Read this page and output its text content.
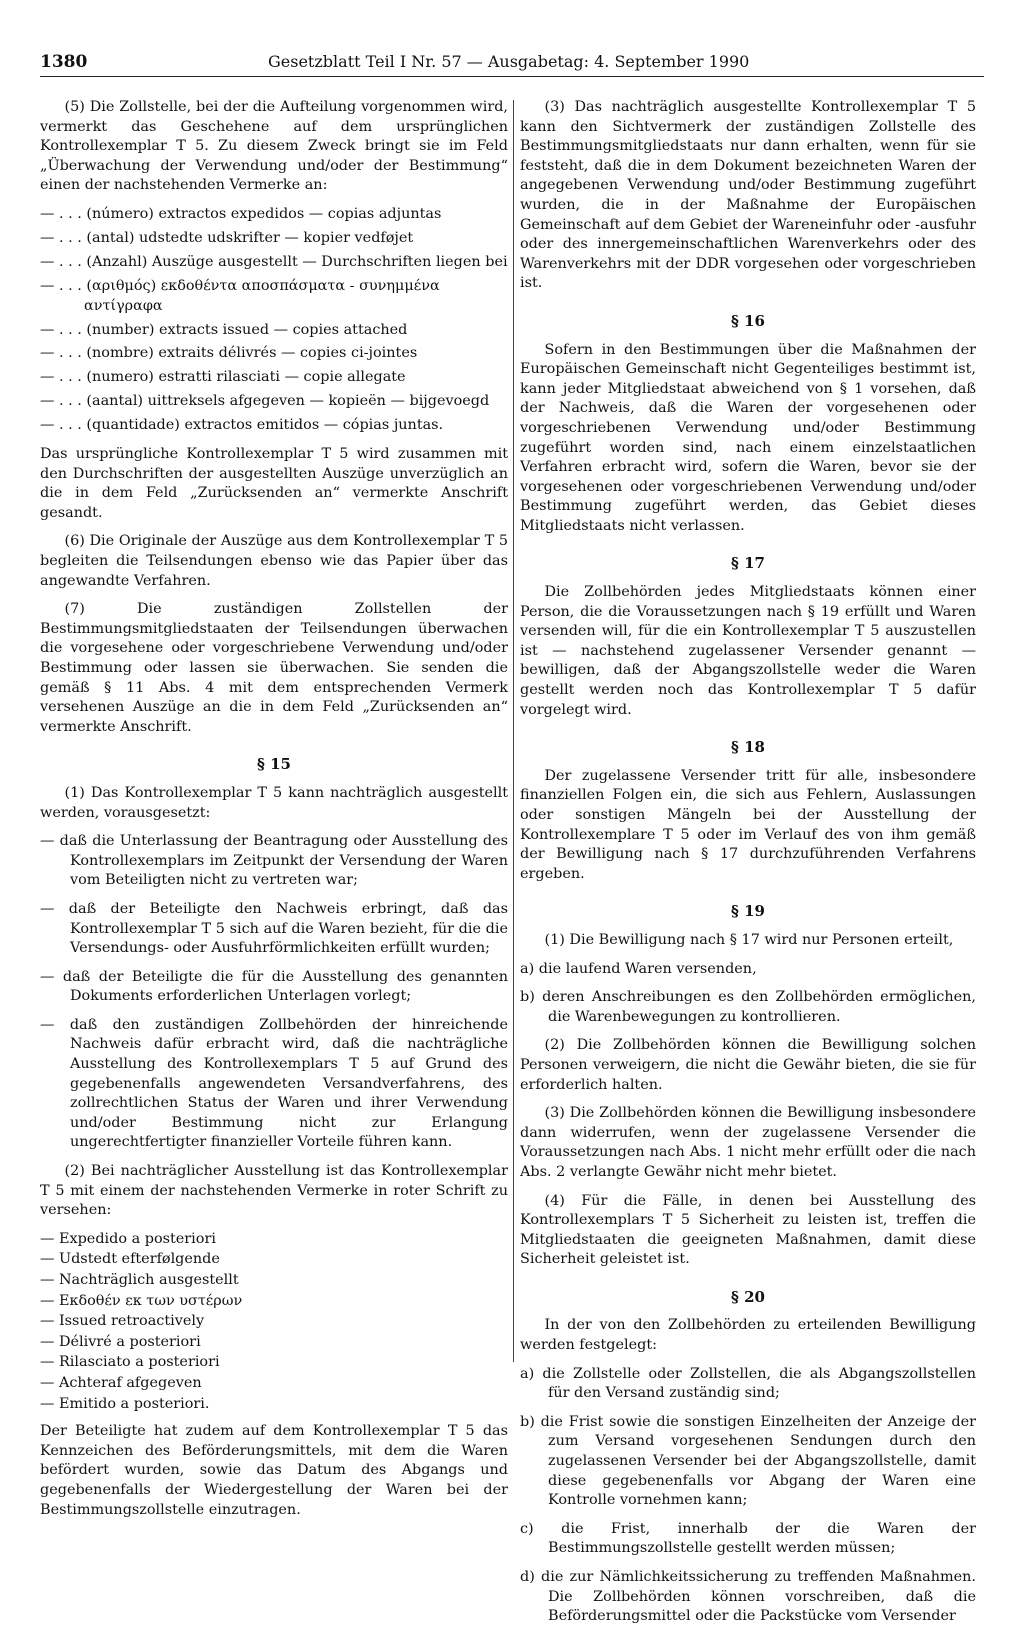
1380	Gesetzblatt Teil I Nr. 57 — Ausgabetag: 4. September 1990

(5) Die Zollstelle, bei der die Aufteilung vorgenommen wird, vermerkt das Geschehene auf dem ursprünglichen Kontrollexemplar T 5. Zu diesem Zweck bringt sie im Feld „Überwachung der Verwendung und/oder der Bestimmung“ einen der nachstehenden Vermerke an:

— . . . (número) extractos expedidos — copias adjuntas
— . . . (antal) udstedte udskrifter — kopier vedføjet
— . . . (Anzahl) Auszüge ausgestellt — Durchschriften liegen bei
— . . . (αριθμός) εκδοθέντα αποσπάσματα - συνημμένα αντίγραφα
— . . . (number) extracts issued — copies attached
— . . . (nombre) extraits délivrés — copies ci-jointes
— . . . (numero) estratti rilasciati — copie allegate
— . . . (aantal) uittreksels afgegeven — kopieën — bijgevoegd
— . . . (quantidade) extractos emitidos — cópias juntas.

Das ursprüngliche Kontrollexemplar T 5 wird zusammen mit den Durchschriften der ausgestellten Auszüge unverzüglich an die in dem Feld „Zurücksenden an“ vermerkte Anschrift gesandt.

(6) Die Originale der Auszüge aus dem Kontrollexemplar T 5 begleiten die Teilsendungen ebenso wie das Papier über das angewandte Verfahren.

(7) Die zuständigen Zollstellen der Bestimmungsmitgliedstaaten der Teilsendungen überwachen die vorgesehene oder vorgeschriebene Verwendung und/oder Bestimmung oder lassen sie überwachen. Sie senden die gemäß § 11 Abs. 4 mit dem entsprechenden Vermerk versehenen Auszüge an die in dem Feld „Zurücksenden an“ vermerkte Anschrift.

§ 15

(1) Das Kontrollexemplar T 5 kann nachträglich ausgestellt werden, vorausgesetzt:

— daß die Unterlassung der Beantragung oder Ausstellung des Kontrollexemplars im Zeitpunkt der Versendung der Waren vom Beteiligten nicht zu vertreten war;
— daß der Beteiligte den Nachweis erbringt, daß das Kontrollexemplar T 5 sich auf die Waren bezieht, für die die Versendungs- oder Ausfuhrförmlichkeiten erfüllt wurden;
— daß der Beteiligte die für die Ausstellung des genannten Dokuments erforderlichen Unterlagen vorlegt;
— daß den zuständigen Zollbehörden der hinreichende Nachweis dafür erbracht wird, daß die nachträgliche Ausstellung des Kontrollexemplars T 5 auf Grund des gegebenenfalls angewendeten Versandverfahrens, des zollrechtlichen Status der Waren und ihrer Verwendung und/oder Bestimmung nicht zur Erlangung ungerechtfertigter finanzieller Vorteile führen kann.

(2) Bei nachträglicher Ausstellung ist das Kontrollexemplar T 5 mit einem der nachstehenden Vermerke in roter Schrift zu versehen:

— Expedido a posteriori
— Udstedt efterfølgende
— Nachträglich ausgestellt
— Εκδοθέν εκ των υστέρων
— Issued retroactively
— Délivré a posteriori
— Rilasciato a posteriori
— Achteraf afgegeven
— Emitido a posteriori.

Der Beteiligte hat zudem auf dem Kontrollexemplar T 5 das Kennzeichen des Beförderungsmittels, mit dem die Waren befördert wurden, sowie das Datum des Abgangs und gegebenenfalls der Wiedergestellung der Waren bei der Bestimmungszollstelle einzutragen.

(3) Das nachträglich ausgestellte Kontrollexemplar T 5 kann den Sichtvermerk der zuständigen Zollstelle des Bestimmungsmitgliedstaats nur dann erhalten, wenn für sie feststeht, daß die in dem Dokument bezeichneten Waren der angegebenen Verwendung und/oder Bestimmung zugeführt wurden, die in der Maßnahme der Europäischen Gemeinschaft auf dem Gebiet der Wareneinfuhr oder -ausfuhr oder des innergemeinschaftlichen Warenverkehrs oder des Warenverkehrs mit der DDR vorgesehen oder vorgeschrieben ist.

§ 16

Sofern in den Bestimmungen über die Maßnahmen der Europäischen Gemeinschaft nicht Gegenteiliges bestimmt ist, kann jeder Mitgliedstaat abweichend von § 1 vorsehen, daß der Nachweis, daß die Waren der vorgesehenen oder vorgeschriebenen Verwendung und/oder Bestimmung zugeführt worden sind, nach einem einzelstaatlichen Verfahren erbracht wird, sofern die Waren, bevor sie der vorgesehenen oder vorgeschriebenen Verwendung und/oder Bestimmung zugeführt werden, das Gebiet dieses Mitgliedstaats nicht verlassen.

§ 17

Die Zollbehörden jedes Mitgliedstaats können einer Person, die die Voraussetzungen nach § 19 erfüllt und Waren versenden will, für die ein Kontrollexemplar T 5 auszustellen ist — nachstehend zugelassener Versender genannt — bewilligen, daß der Abgangszollstelle weder die Waren gestellt werden noch das Kontrollexemplar T 5 dafür vorgelegt wird.

§ 18

Der zugelassene Versender tritt für alle, insbesondere finanziellen Folgen ein, die sich aus Fehlern, Auslassungen oder sonstigen Mängeln bei der Ausstellung der Kontrollexemplare T 5 oder im Verlauf des von ihm gemäß der Bewilligung nach § 17 durchzuführenden Verfahrens ergeben.

§ 19

(1) Die Bewilligung nach § 17 wird nur Personen erteilt,

a) die laufend Waren versenden,
b) deren Anschreibungen es den Zollbehörden ermöglichen, die Warenbewegungen zu kontrollieren.

(2) Die Zollbehörden können die Bewilligung solchen Personen verweigern, die nicht die Gewähr bieten, die sie für erforderlich halten.

(3) Die Zollbehörden können die Bewilligung insbesondere dann widerrufen, wenn der zugelassene Versender die Voraussetzungen nach Abs. 1 nicht mehr erfüllt oder die nach Abs. 2 verlangte Gewähr nicht mehr bietet.

(4) Für die Fälle, in denen bei Ausstellung des Kontrollexemplars T 5 Sicherheit zu leisten ist, treffen die Mitgliedstaaten die geeigneten Maßnahmen, damit diese Sicherheit geleistet ist.

§ 20

In der von den Zollbehörden zu erteilenden Bewilligung werden festgelegt:

a) die Zollstelle oder Zollstellen, die als Abgangszollstellen für den Versand zuständig sind;
b) die Frist sowie die sonstigen Einzelheiten der Anzeige der zum Versand vorgesehenen Sendungen durch den zugelassenen Versender bei der Abgangszollstelle, damit diese gegebenenfalls vor Abgang der Waren eine Kontrolle vornehmen kann;
c) die Frist, innerhalb der die Waren der Bestimmungszollstelle gestellt werden müssen;
d) die zur Nämlichkeitssicherung zu treffenden Maßnahmen. Die Zollbehörden können vorschreiben, daß die Beförderungsmittel oder die Packstücke vom Versender
